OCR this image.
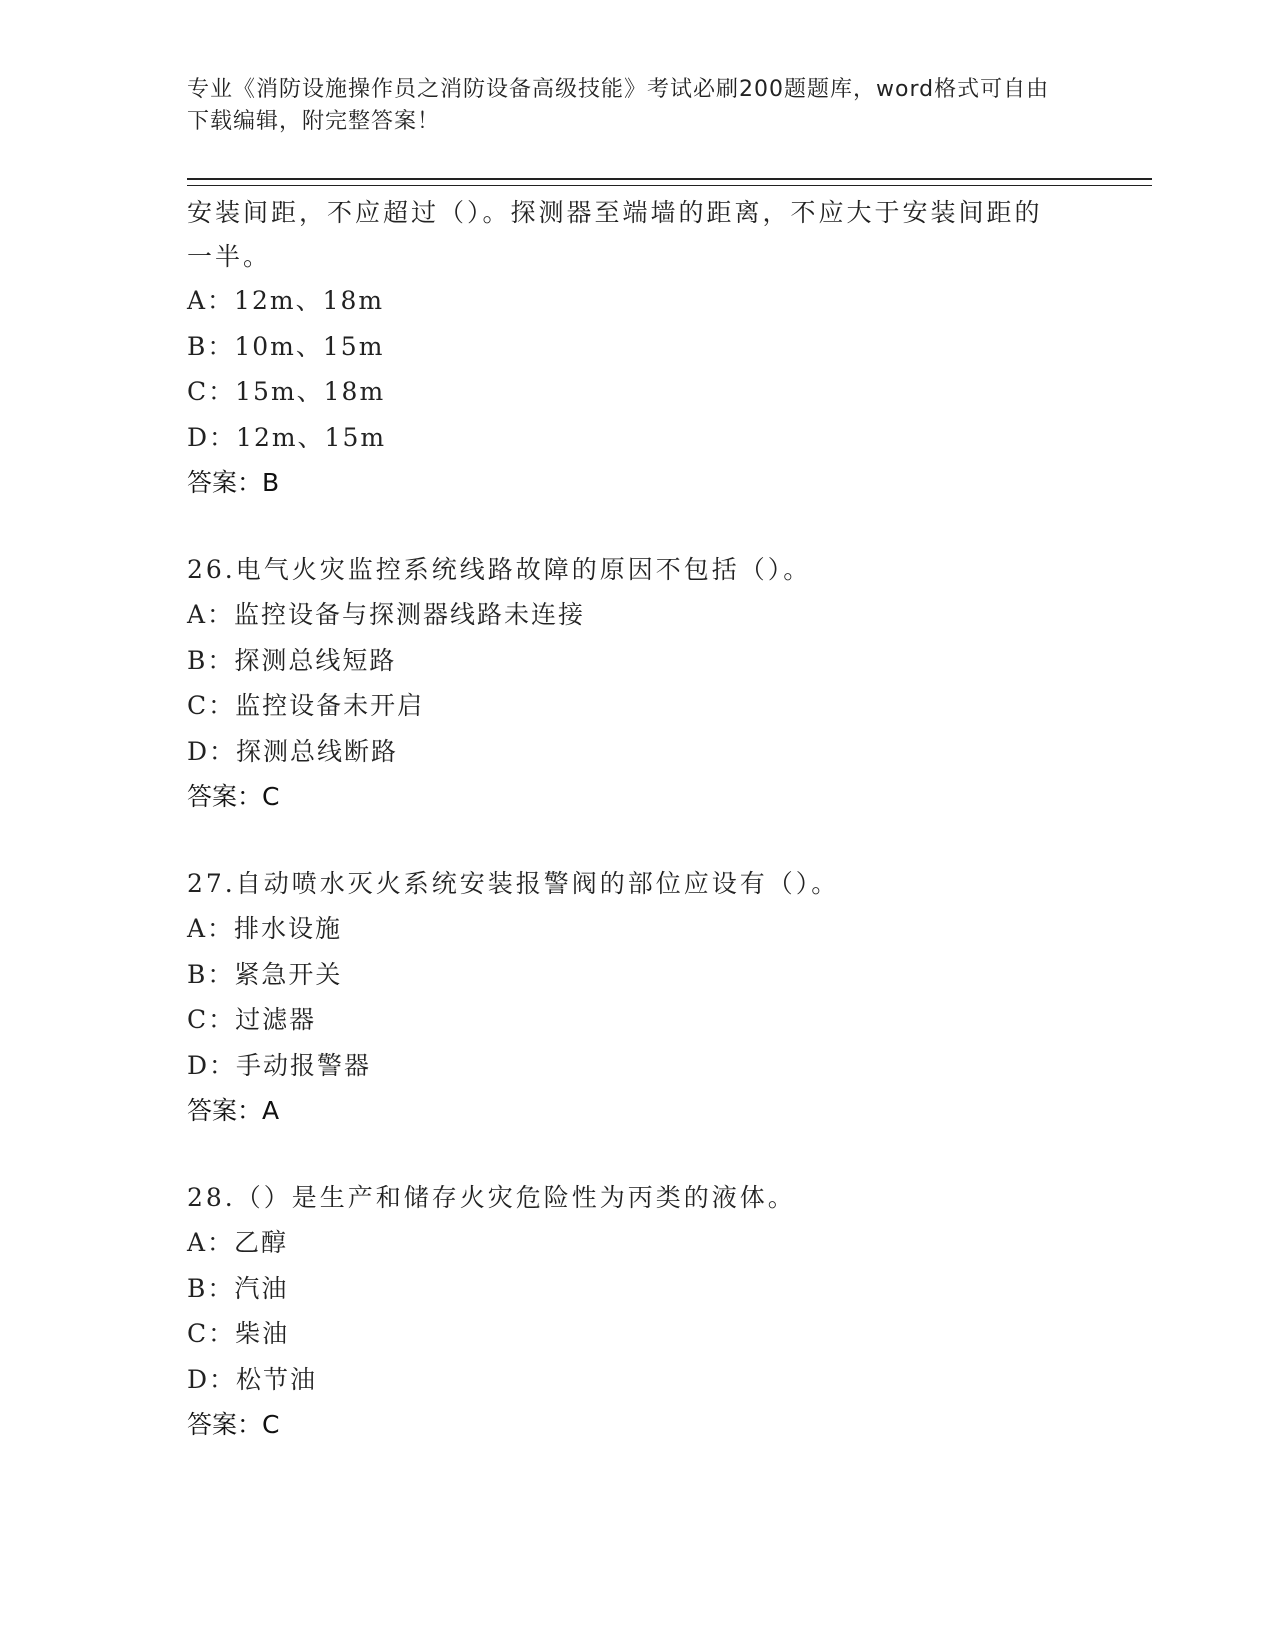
专业《消防设施操作员之消防设备高级技能》考试必刷200题题库，word格式可自由下载编辑，附完整答案！
安装间距，不应超过（）。探测器至端墙的距离，不应大于安装间距的一半。
A：12m、18m
B：10m、15m
C：15m、18m
D：12m、15m
答案：B
26.电气火灾监控系统线路故障的原因不包括（）。
A：监控设备与探测器线路未连接
B：探测总线短路
C：监控设备未开启
D：探测总线断路
答案：C
27.自动喷水灭火系统安装报警阀的部位应设有（）。
A：排水设施
B：紧急开关
C：过滤器
D：手动报警器
答案：A
28.（）是生产和储存火灾危险性为丙类的液体。
A：乙醇
B：汽油
C：柴油
D：松节油
答案：C
